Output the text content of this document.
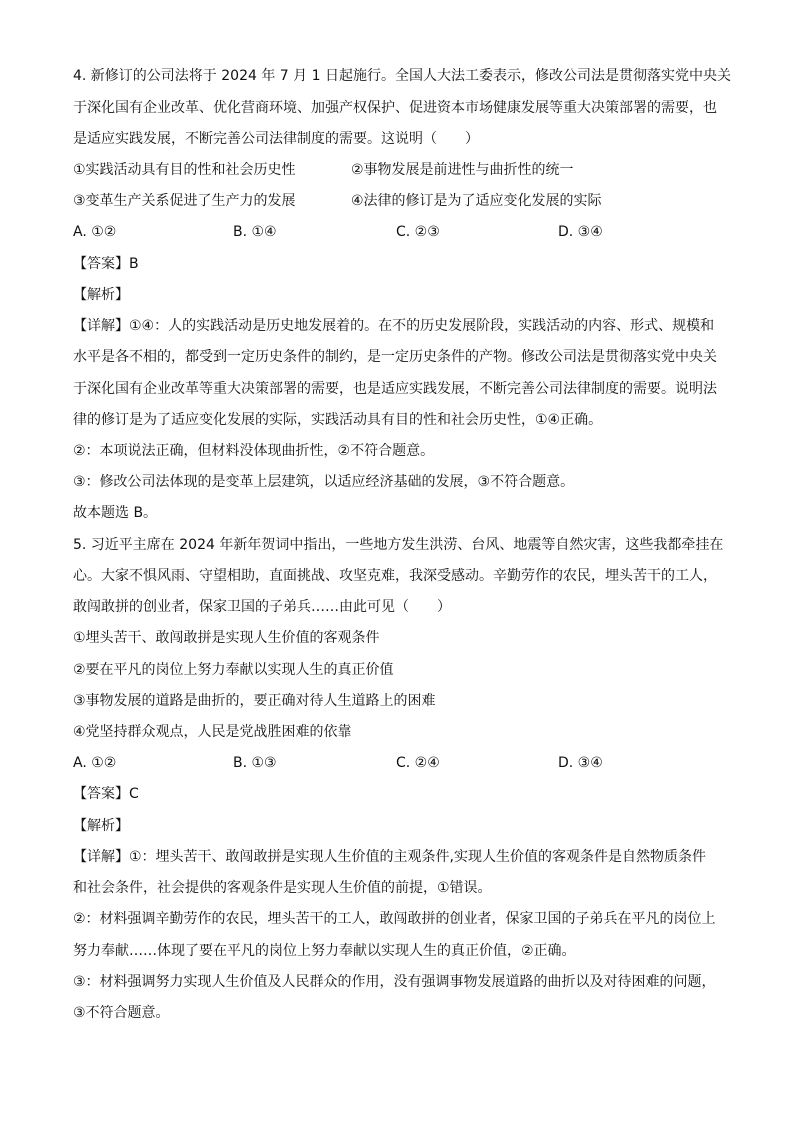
4. 新修订的公司法将于 2024 年 7 月 1 日起施行。全国人大法工委表示，修改公司法是贯彻落实党中央关
于深化国有企业改革、优化营商环境、加强产权保护、促进资本市场健康发展等重大决策部署的需要，也
是适应实践发展，不断完善公司法律制度的需要。这说明（　　）
①实践活动具有目的性和社会历史性	②事物发展是前进性与曲折性的统一
③变革生产关系促进了生产力的发展	④法律的修订是为了适应变化发展的实际
A. ①②	B. ①④	C. ②③	D. ③④
【答案】B
【解析】
【详解】①④：人的实践活动是历史地发展着的。在不的历史发展阶段，实践活动的内容、形式、规模和
水平是各不相的，都受到一定历史条件的制约，是一定历史条件的产物。修改公司法是贯彻落实党中央关
于深化国有企业改革等重大决策部署的需要，也是适应实践发展，不断完善公司法律制度的需要。说明法
律的修订是为了适应变化发展的实际，实践活动具有目的性和社会历史性，①④正确。
②：本项说法正确，但材料没体现曲折性，②不符合题意。
③：修改公司法体现的是变革上层建筑，以适应经济基础的发展，③不符合题意。
故本题选 B。
5. 习近平主席在 2024 年新年贺词中指出，一些地方发生洪涝、台风、地震等自然灾害，这些我都牵挂在
心。大家不惧风雨、守望相助，直面挑战、攻坚克难，我深受感动。辛勤劳作的农民，埋头苦干的工人，
敢闯敢拼的创业者，保家卫国的子弟兵……由此可见（　　）
①埋头苦干、敢闯敢拼是实现人生价值的客观条件
②要在平凡的岗位上努力奉献以实现人生的真正价值
③事物发展的道路是曲折的，要正确对待人生道路上的困难
④党坚持群众观点，人民是党战胜困难的依靠
A. ①②	B. ①③	C. ②④	D. ③④
【答案】C
【解析】
【详解】①：埋头苦干、敢闯敢拼是实现人生价值的主观条件,实现人生价值的客观条件是自然物质条件
和社会条件，社会提供的客观条件是实现人生价值的前提，①错误。
②：材料强调辛勤劳作的农民，埋头苦干的工人，敢闯敢拼的创业者，保家卫国的子弟兵在平凡的岗位上
努力奉献……体现了要在平凡的岗位上努力奉献以实现人生的真正价值，②正确。
③：材料强调努力实现人生价值及人民群众的作用，没有强调事物发展道路的曲折以及对待困难的问题，
③不符合题意。
